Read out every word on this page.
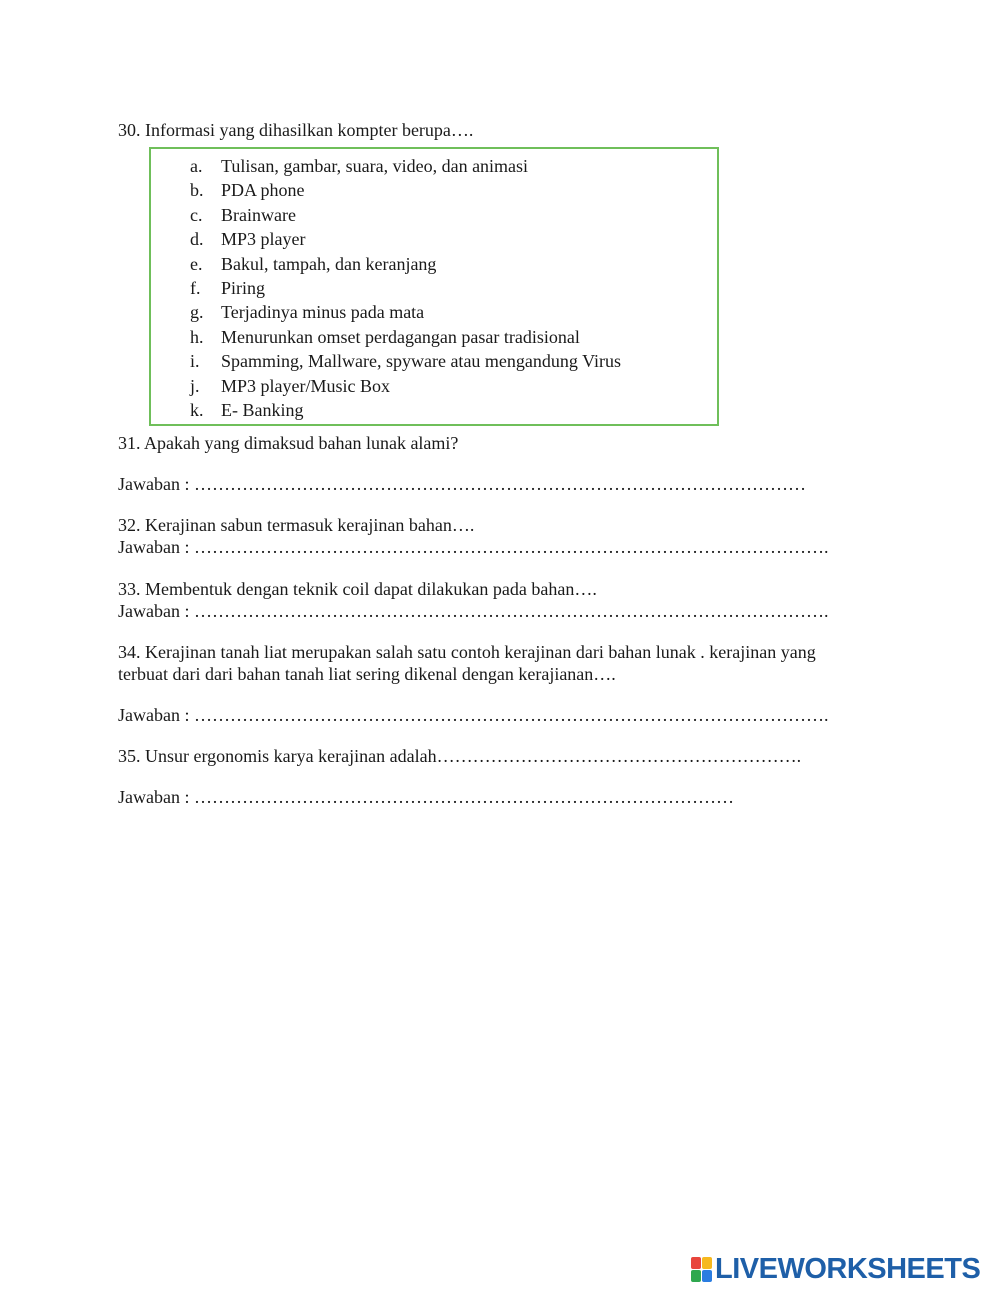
30. Informasi yang dihasilkan kompter berupa….
a.	Tulisan, gambar, suara, video, dan animasi
b. PDA phone
c.	Brainware
d. MP3 player
e.	Bakul, tampah, dan keranjang
f.	Piring
g. Terjadinya minus pada mata
h. Menurunkan omset perdagangan pasar tradisional
i.	Spamming, Mallware, spyware atau mengandung Virus
j.	MP3 player/Music Box
k. E- Banking
31. Apakah yang dimaksud bahan lunak alami?
Jawaban : …………………………………………………………………………………………
32. Kerajinan sabun termasuk kerajinan bahan….
Jawaban : …………………………………………………………………………………………….
33. Membentuk dengan teknik coil dapat dilakukan pada bahan….
Jawaban : …………………………………………………………………………………………….
34. Kerajinan tanah liat merupakan salah satu contoh kerajinan dari bahan lunak . kerajinan yang
terbuat dari dari bahan tanah liat sering dikenal dengan kerajianan….
Jawaban : …………………………………………………………………………………………….
35. Unsur ergonomis karya kerajinan adalah…………………………………………………….
Jawaban : ………………………………………………………………………………
LIVEWORKSHEETS
